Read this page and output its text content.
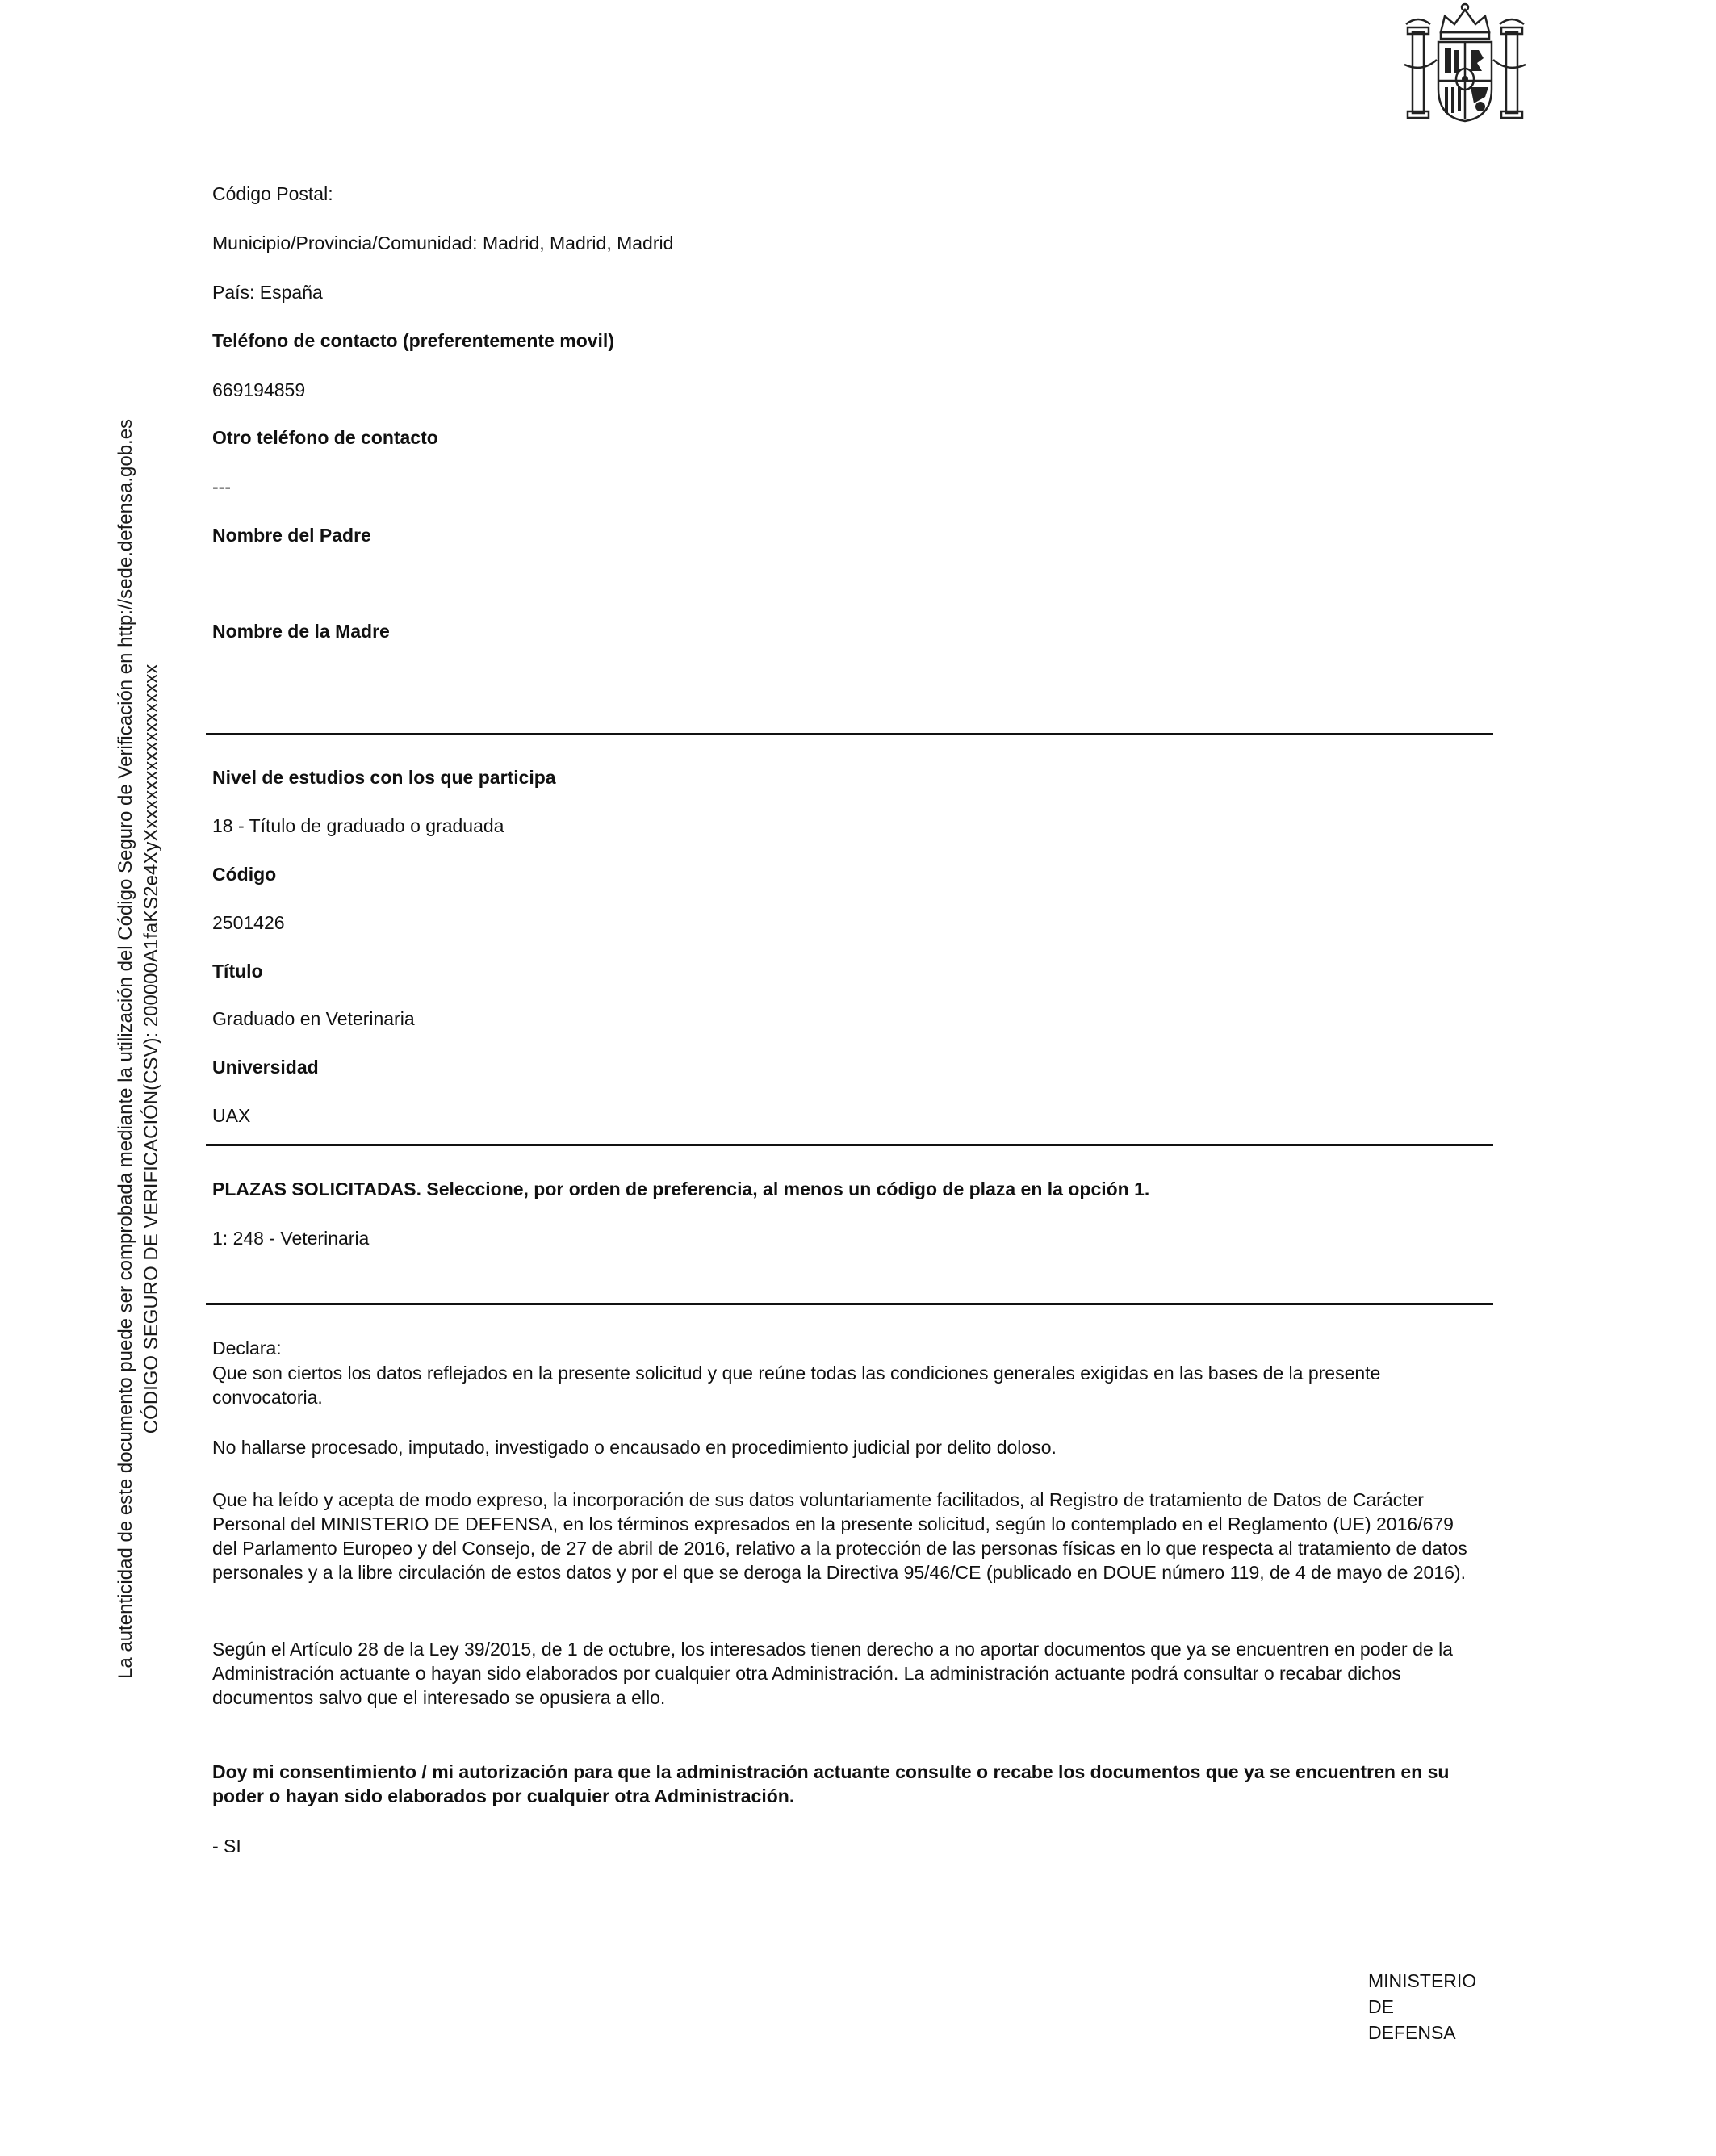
La autenticidad de este documento puede ser comprobada mediante la utilización del Código Seguro de Verificación en http://sede.defensa.gob.es CÓDIGO SEGURO DE VERIFICACIÓN(CSV): 200000A1faKS2e4XyXxxxxxxxxxxxxxxxxx
Código Postal:
Municipio/Provincia/Comunidad: Madrid, Madrid, Madrid
País: España
Teléfono de contacto (preferentemente movil)
669194859
Otro teléfono de contacto
---
Nombre del Padre
Nombre de la Madre
Nivel de estudios con los que participa
18 - Título de graduado o graduada
Código
2501426
Título
Graduado en Veterinaria
Universidad
UAX
PLAZAS SOLICITADAS. Seleccione, por orden de preferencia, al menos un código de plaza en la opción 1.
1: 248 - Veterinaria
Declara:

Que son ciertos los datos reflejados en la presente solicitud y que reúne todas las condiciones generales exigidas en las bases de la presente convocatoria.

No hallarse procesado, imputado, investigado o encausado en procedimiento judicial por delito doloso.

Que ha leído y acepta de modo expreso, la incorporación de sus datos voluntariamente facilitados, al Registro de tratamiento de Datos de Carácter Personal del MINISTERIO DE DEFENSA, en los términos expresados en la presente solicitud, según lo contemplado en el Reglamento (UE) 2016/679 del Parlamento Europeo y del Consejo, de 27 de abril de 2016, relativo a la protección de las personas físicas en lo que respecta al tratamiento de datos personales y a la libre circulación de estos datos y por el que se deroga la Directiva 95/46/CE (publicado en DOUE número 119, de 4 de mayo de 2016).

Según el Artículo 28 de la Ley 39/2015, de 1 de octubre, los interesados tienen derecho a no aportar documentos que ya se encuentren en poder de la Administración actuante o hayan sido elaborados por cualquier otra Administración. La administración actuante podrá consultar o recabar dichos documentos salvo que el interesado se opusiera a ello.

Doy mi consentimiento / mi autorización para que la administración actuante consulte o recabe los documentos que ya se encuentren en su poder o hayan sido elaborados por cualquier otra Administración.

- SI
MINISTERIO
DE
DEFENSA
